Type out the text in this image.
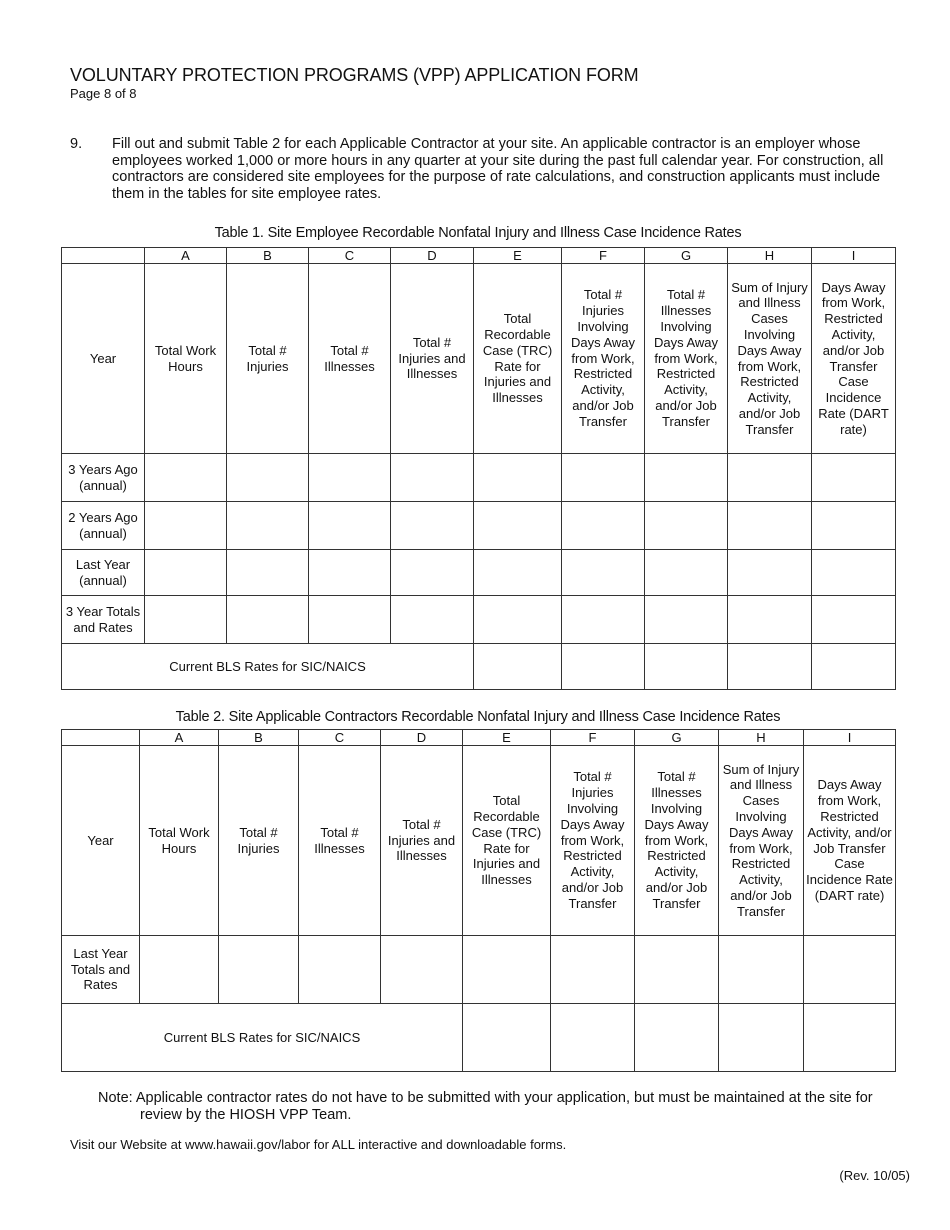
VOLUNTARY PROTECTION PROGRAMS (VPP) APPLICATION FORM
Page 8 of 8
9. Fill out and submit Table 2 for each Applicable Contractor at your site. An applicable contractor is an employer whose employees worked 1,000 or more hours in any quarter at your site during the past full calendar year. For construction, all contractors are considered site employees for the purpose of rate calculations, and construction applicants must include them in the tables for site employee rates.
Table 1. Site Employee Recordable Nonfatal Injury and Illness Case Incidence Rates
	A	B	C	D	E	F	G	H	I
Year	Total Work Hours	Total # Injuries	Total # Illnesses	Total # Injuries and Illnesses	Total Recordable Case (TRC) Rate for Injuries and Illnesses	Total # Injuries Involving Days Away from Work, Restricted Activity, and/or Job Transfer	Total # Illnesses Involving Days Away from Work, Restricted Activity, and/or Job Transfer	Sum of Injury and Illness Cases Involving Days Away from Work, Restricted Activity, and/or Job Transfer	Days Away from Work, Restricted Activity, and/or Job Transfer Case Incidence Rate (DART rate)
3 Years Ago (annual)									
2 Years Ago (annual)									
Last Year (annual)									
3 Year Totals and Rates									
Current BLS Rates for SIC/NAICS									
Table 2. Site Applicable Contractors Recordable Nonfatal Injury and Illness Case Incidence Rates
	A	B	C	D	E	F	G	H	I
Year	Total Work Hours	Total # Injuries	Total # Illnesses	Total # Injuries and Illnesses	Total Recordable Case (TRC) Rate for Injuries and Illnesses	Total # Injuries Involving Days Away from Work, Restricted Activity, and/or Job Transfer	Total # Illnesses Involving Days Away from Work, Restricted Activity, and/or Job Transfer	Sum of Injury and Illness Cases Involving Days Away from Work, Restricted Activity, and/or Job Transfer	Days Away from Work, Restricted Activity, and/or Job Transfer Case Incidence Rate (DART rate)
Last Year Totals and Rates									
Current BLS Rates for SIC/NAICS									
Note: Applicable contractor rates do not have to be submitted with your application, but must be maintained at the site for review by the HIOSH VPP Team.
Visit our Website at www.hawaii.gov/labor for ALL interactive and downloadable forms.
(Rev. 10/05)
